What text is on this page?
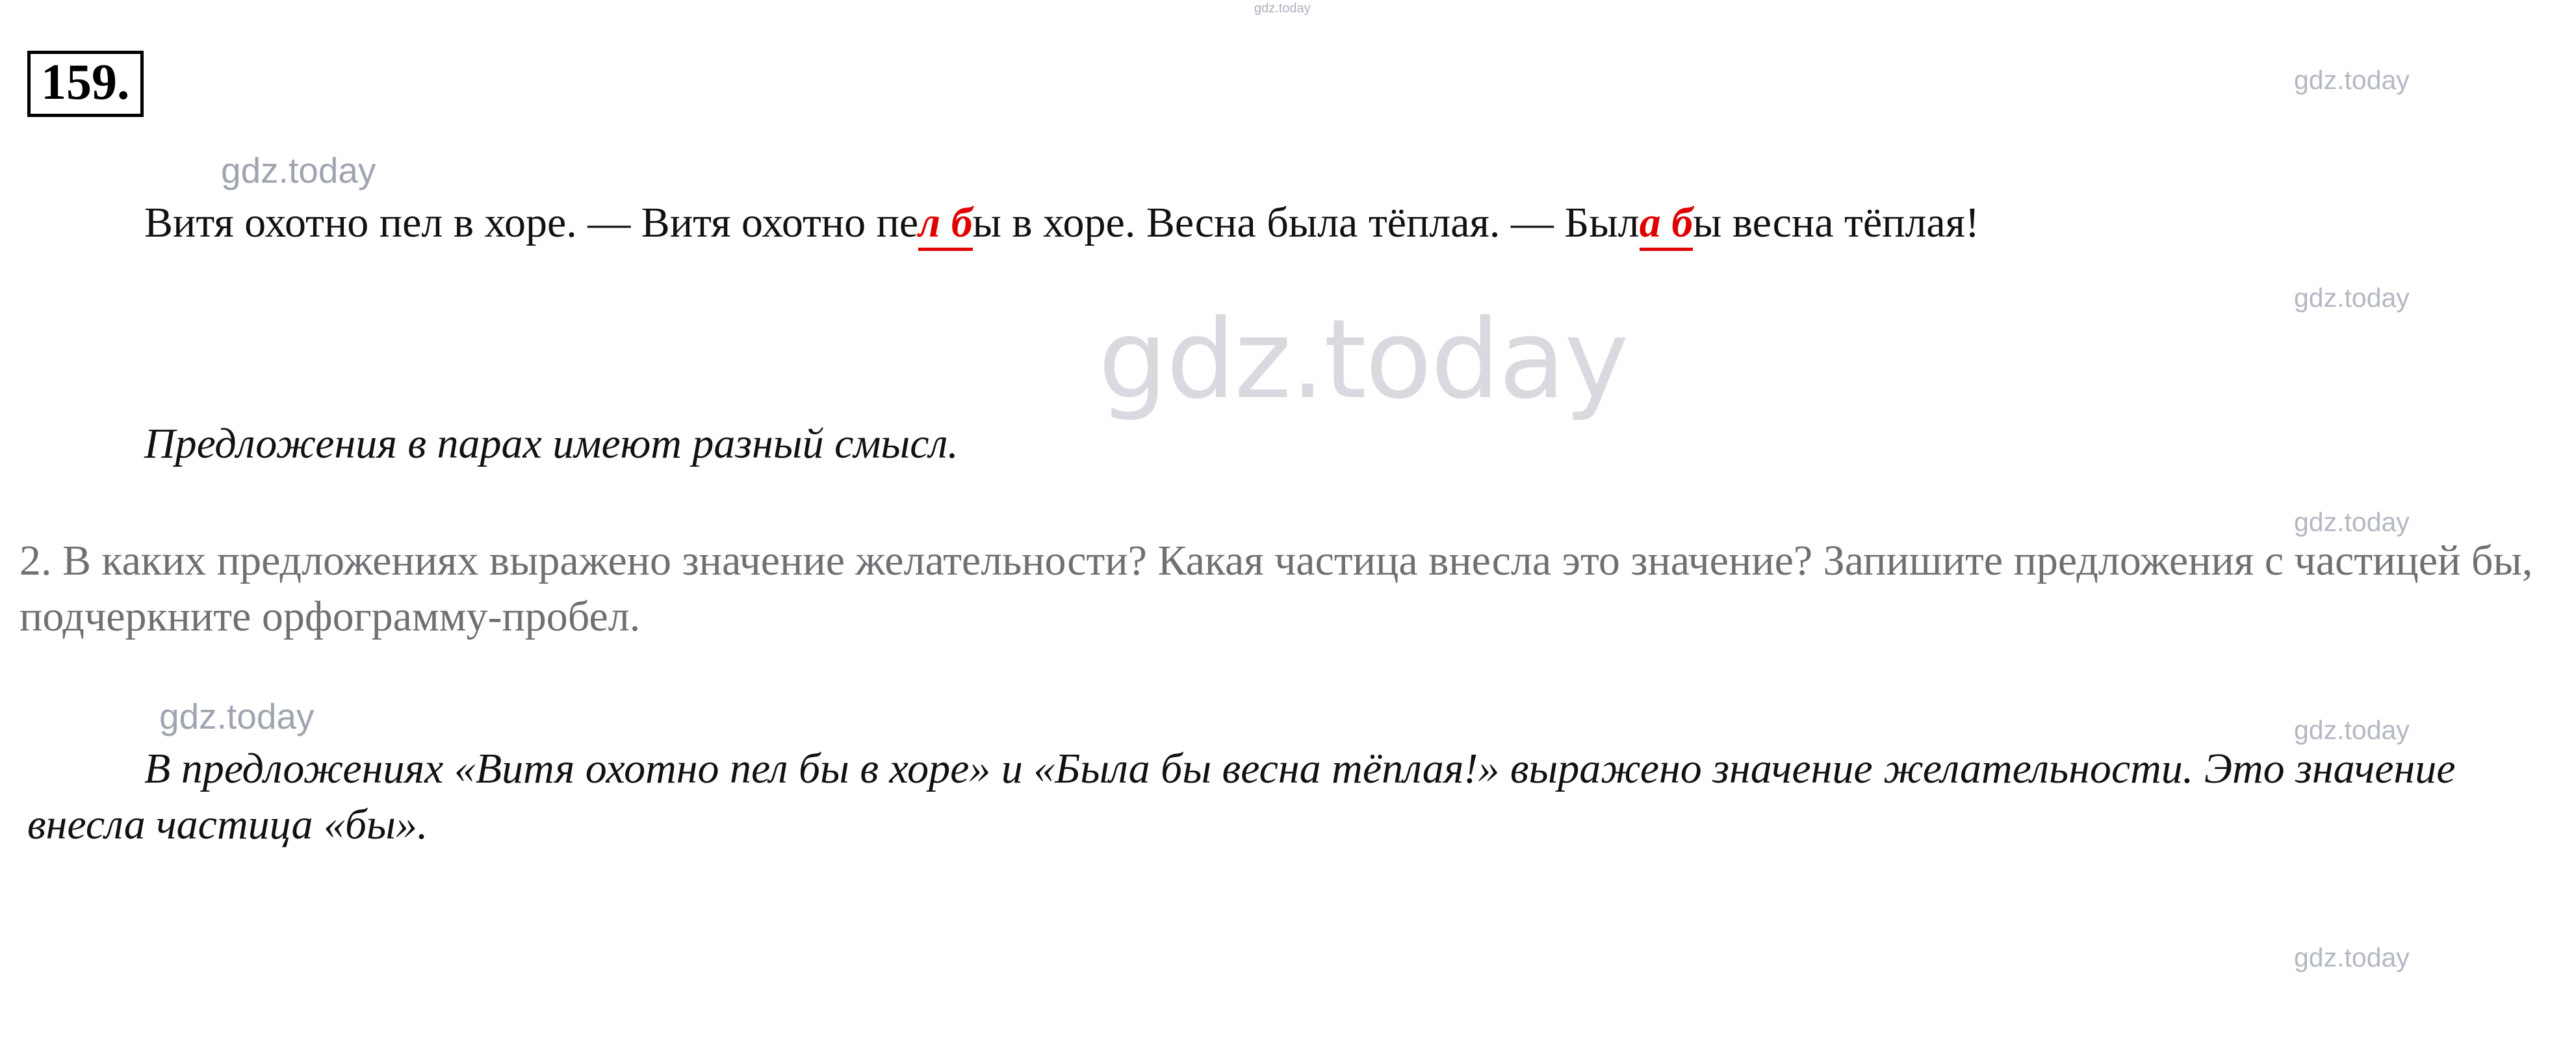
gdz.today
gdz.today
gdz.today
gdz.today
gdz.today
gdz.today
gdz.today	gdz.today
gdz.today
159.
Витя охотно пел в хоре. — Витя охотно пел бы в хоре. Весна была тёплая. — Была бы весна тёплая!
Предложения в парах имеют разный смысл.
2. В каких предложениях выражено значение желательности? Какая частица внесла это значение? Запишите предложения с частицей бы, подчеркните орфограмму-пробел.
В предложениях «Витя охотно пел бы в хоре» и «Была бы весна тёплая!» выражено значение желательности. Это значение внесла частица «бы».
